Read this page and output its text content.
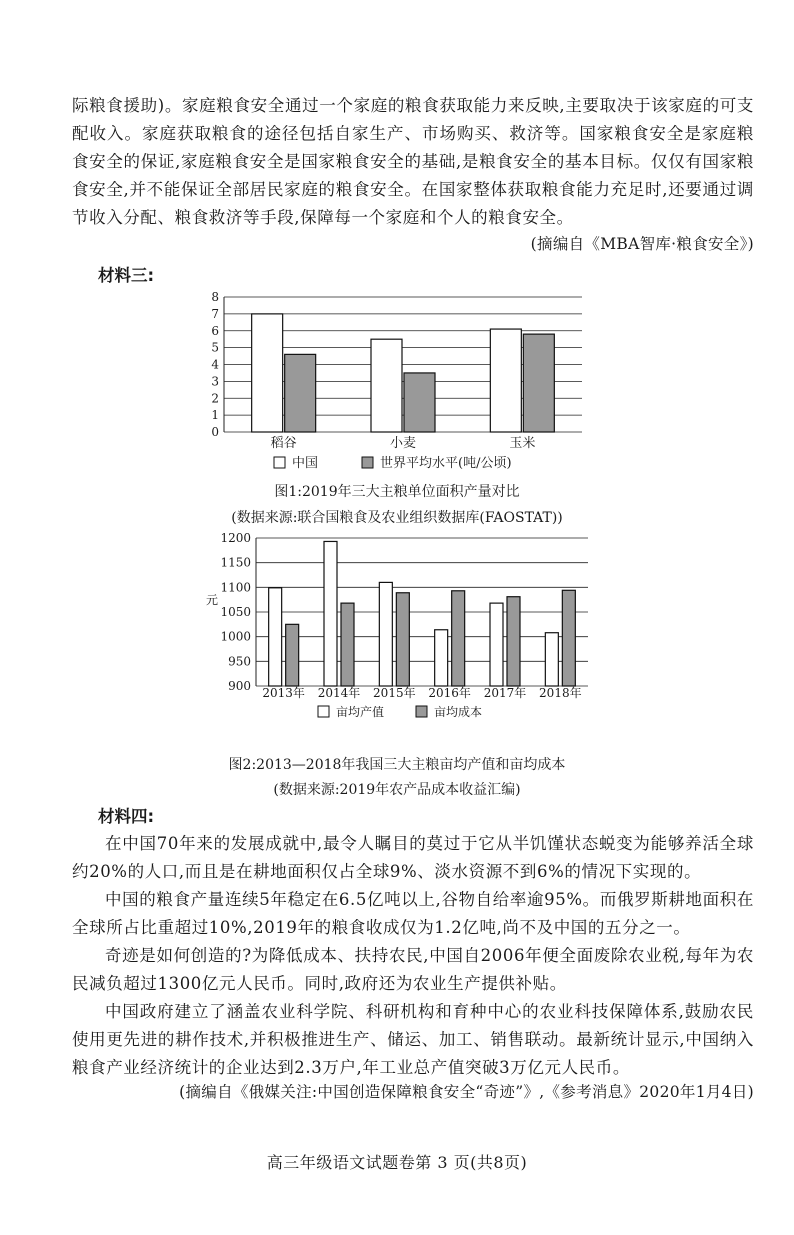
际粮食援助)。家庭粮食安全通过一个家庭的粮食获取能力来反映,主要取决于该家庭的可支配收入。家庭获取粮食的途径包括自家生产、市场购买、救济等。国家粮食安全是家庭粮食安全的保证,家庭粮食安全是国家粮食安全的基础,是粮食安全的基本目标。仅仅有国家粮食安全,并不能保证全部居民家庭的粮食安全。在国家整体获取粮食能力充足时,还要通过调节收入分配、粮食救济等手段,保障每一个家庭和个人的粮食安全。

(摘编自《MBA智库·粮食安全》)

材料三:

0
1
2
3
4
5
6
7
8
稻谷	小麦	玉米
中国	世界平均水平(吨/公顷)

图1:2019年三大主粮单位面积产量对比

(数据来源:联合国粮食及农业组织数据库(FAOSTAT))

900
950
1000
1050
1100
1150
1200
元
2013年 2014年 2015年 2016年 2017年 2018年
亩均产值	亩均成本

图2:2013—2018年我国三大主粮亩均产值和亩均成本

(数据来源:2019年农产品成本收益汇编)

材料四:

在中国70年来的发展成就中,最令人瞩目的莫过于它从半饥馑状态蜕变为能够养活全球约20%的人口,而且是在耕地面积仅占全球9%、淡水资源不到6%的情况下实现的。

中国的粮食产量连续5年稳定在6.5亿吨以上,谷物自给率逾95%。而俄罗斯耕地面积在全球所占比重超过10%,2019年的粮食收成仅为1.2亿吨,尚不及中国的五分之一。

奇迹是如何创造的?为降低成本、扶持农民,中国自2006年便全面废除农业税,每年为农民减负超过1300亿元人民币。同时,政府还为农业生产提供补贴。

中国政府建立了涵盖农业科学院、科研机构和育种中心的农业科技保障体系,鼓励农民使用更先进的耕作技术,并积极推进生产、储运、加工、销售联动。最新统计显示,中国纳入粮食产业经济统计的企业达到2.3万户,年工业总产值突破3万亿元人民币。

(摘编自《俄媒关注:中国创造保障粮食安全“奇迹”》,《参考消息》2020年1月4日)

高三年级语文试题卷第 3 页(共8页)
